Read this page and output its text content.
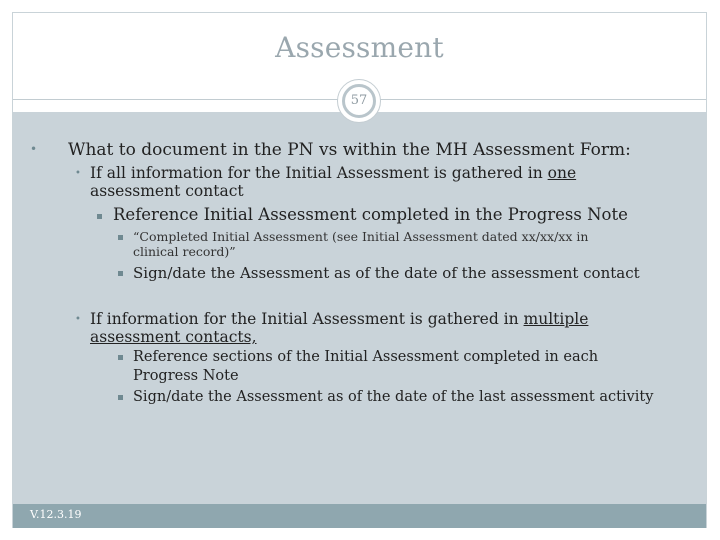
Assessment
57
V.12.3.19
• What to document in the PN vs within the MH Assessment Form:
• If all information for the Initial Assessment is gathered in one
assessment contact
Reference Initial Assessment completed in the Progress Note
“Completed Initial Assessment (see Initial Assessment dated xx/xx/xx in
clinical record)”
Sign/date the Assessment as of the date of the assessment contact
• If information for the Initial Assessment is gathered in multiple
assessment contacts,
Reference sections of the Initial Assessment completed in each
Progress Note
Sign/date the Assessment as of the date of the last assessment activity
